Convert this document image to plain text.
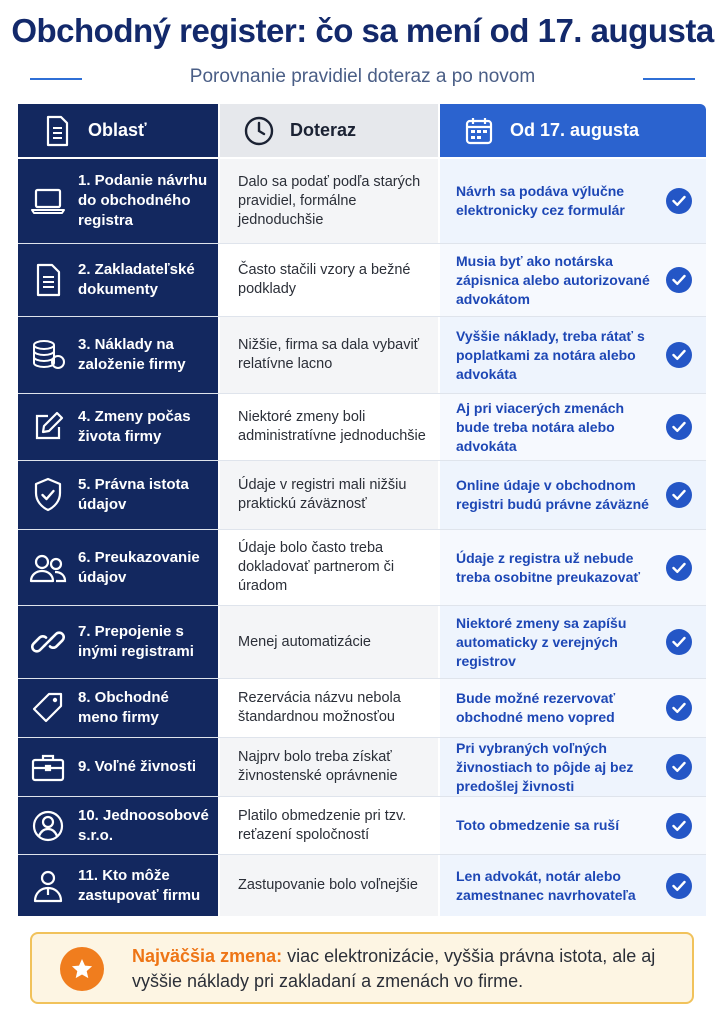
Obchodný register: čo sa mení od 17. augusta
Porovnanie pravidiel doteraz a po novom
Oblasť	Doteraz	Od 17. augusta
1. Podanie návrhu do obchodného registra
Dalo sa podať podľa starých pravidiel, formálne jednoduchšie
Návrh sa podáva výlučne elektronicky cez formulár
2. Zakladateľské dokumenty
Často stačili vzory a bežné podklady
Musia byť ako notárska zápisnica alebo autorizované advokátom
3. Náklady na založenie firmy
Nižšie, firma sa dala vybaviť relatívne lacno
Vyššie náklady, treba rátať s poplatkami za notára alebo advokáta
4. Zmeny počas života firmy
Niektoré zmeny boli administratívne jednoduchšie
Aj pri viacerých zmenách bude treba notára alebo advokáta
5. Právna istota údajov
Údaje v registri mali nižšiu praktickú záväznosť
Online údaje v obchodnom registri budú právne záväzné
6. Preukazovanie údajov
Údaje bolo často treba dokladovať partnerom či úradom
Údaje z registra už nebude treba osobitne preukazovať
7. Prepojenie s inými registrami
Menej automatizácie
Niektoré zmeny sa zapíšu automaticky z verejných registrov
8. Obchodné meno firmy
Rezervácia názvu nebola štandardnou možnosťou
Bude možné rezervovať obchodné meno vopred
9. Voľné živnosti
Najprv bolo treba získať živnostenské oprávnenie
Pri vybraných voľných živnostiach to pôjde aj bez predošlej živnosti
10. Jednoosobové s.r.o.
Platilo obmedzenie pri tzv. reťazení spoločností
Toto obmedzenie sa ruší
11. Kto môže zastupovať firmu
Zastupovanie bolo voľnejšie
Len advokát, notár alebo zamestnanec navrhovateľa
Najväčšia zmena: viac elektronizácie, vyššia právna istota, ale aj vyššie náklady pri zakladaní a zmenách vo firme.
